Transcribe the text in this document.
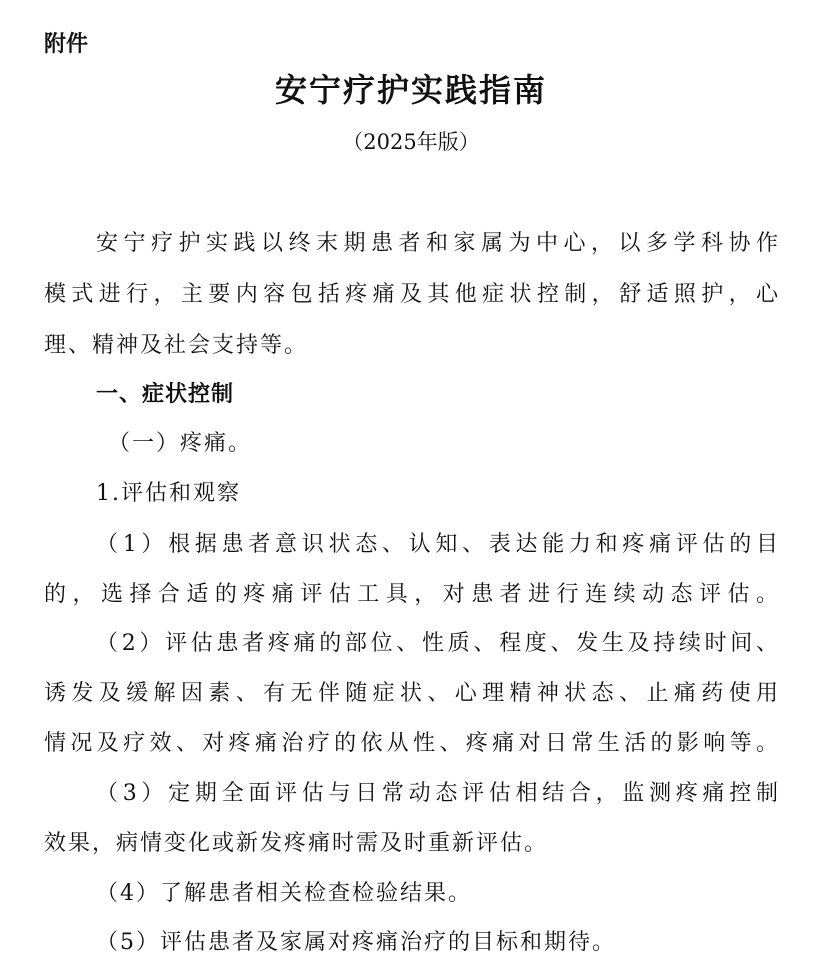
附件
安宁疗护实践指南
（2025年版）
安宁疗护实践以终末期患者和家属为中心，以多学科协作
模式进行，主要内容包括疼痛及其他症状控制，舒适照护，心
理、精神及社会支持等。
一、症状控制
（一）疼痛。
1.评估和观察
（1）根据患者意识状态、认知、表达能力和疼痛评估的目
的，选择合适的疼痛评估工具，对患者进行连续动态评估。
（2）评估患者疼痛的部位、性质、程度、发生及持续时间、
诱发及缓解因素、有无伴随症状、心理精神状态、止痛药使用
情况及疗效、对疼痛治疗的依从性、疼痛对日常生活的影响等。
（3）定期全面评估与日常动态评估相结合，监测疼痛控制
效果，病情变化或新发疼痛时需及时重新评估。
（4）了解患者相关检查检验结果。
（5）评估患者及家属对疼痛治疗的目标和期待。
